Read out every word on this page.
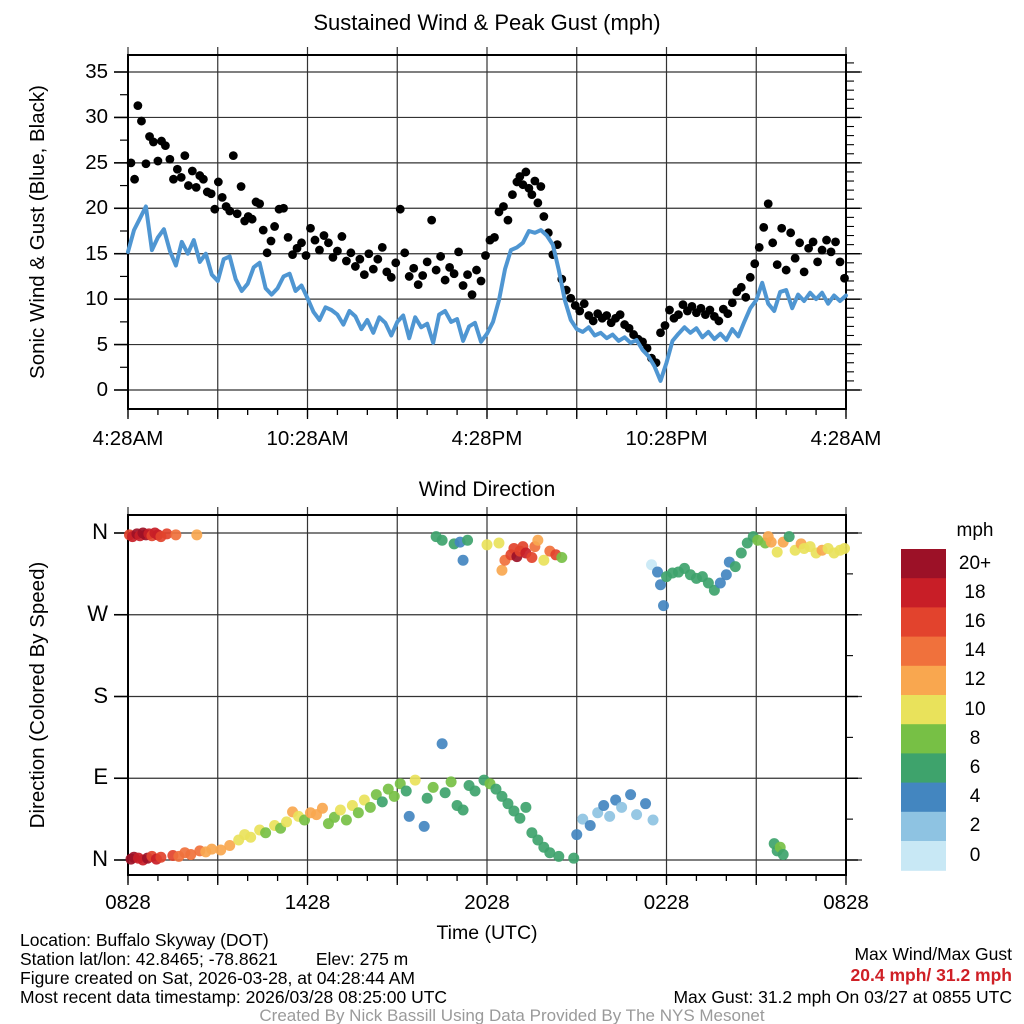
Sustained Wind & Peak Gust (mph)
Sonic Wind & Gust (Blue, Black)
Wind Direction
Direction (Colored By Speed)
mph
Time (UTC)
Location: Buffalo Skyway (DOT)
Station lat/lon: 42.8465; -78.8621 Elev: 275 m
Figure created on Sat, 2026-03-28, at 04:28:44 AM
Most recent data timestamp: 2026/03/28 08:25:00 UTC
Max Wind/Max Gust
20.4 mph/ 31.2 mph
Max Gust: 31.2 mph On 03/27 at 0855 UTC
Created By Nick Bassill Using Data Provided By The NYS Mesonet
0
5
10
15
20
25
30
35
4:28AM	10:28AM	4:28PM	10:28PM	4:28AM
N
W
S
E
N
0828	1428	2028	0228	0828
20+
18
16
14
12
10
8
6
4
2
0
